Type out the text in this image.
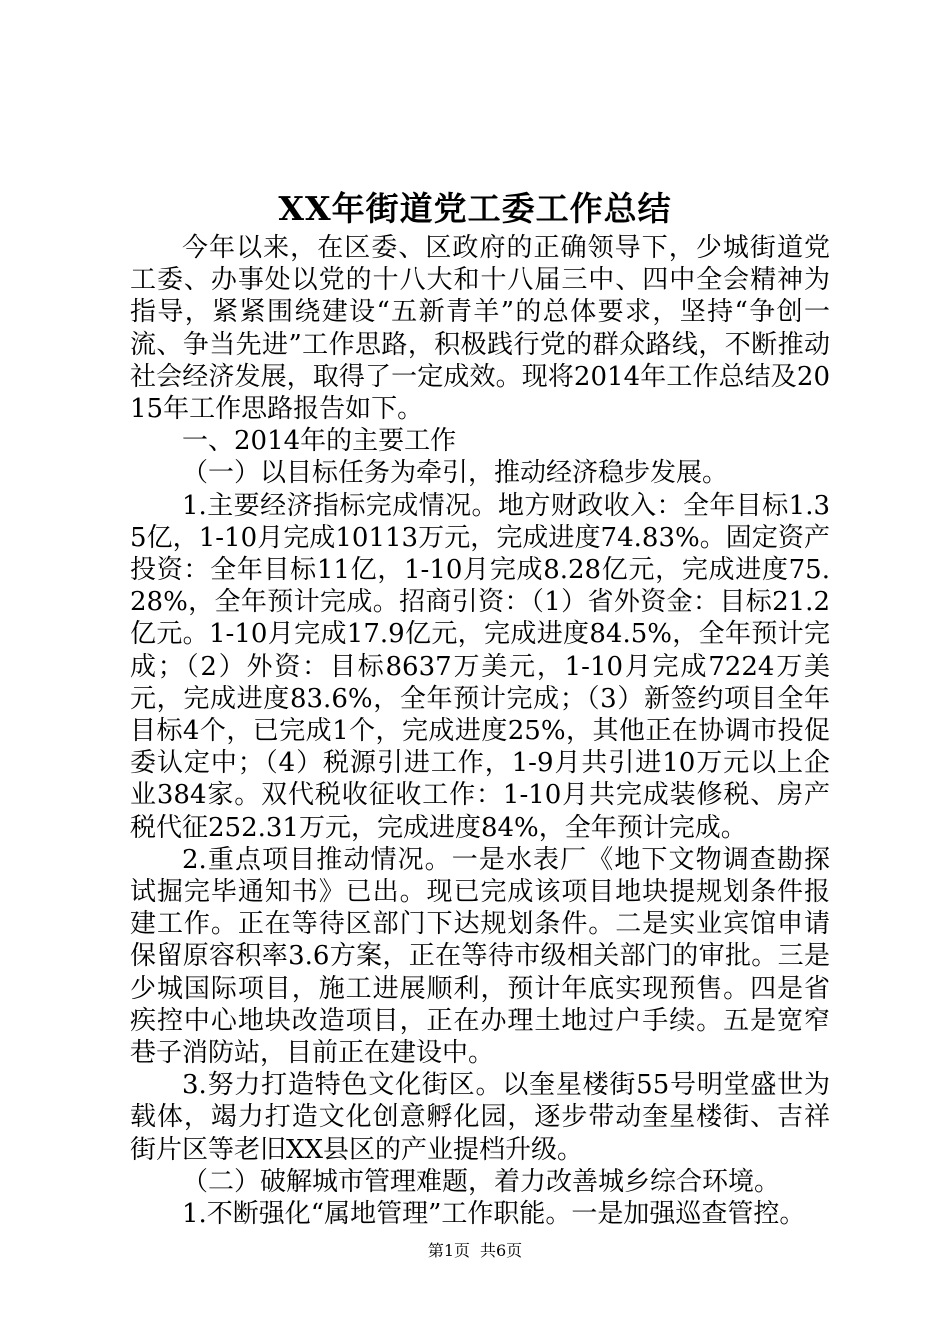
XX年街道党工委工作总结

今年以来，在区委、区政府的正确领导下，少城街道党工委、办事处以党的十八大和十八届三中、四中全会精神为指导，紧紧围绕建设“五新青羊”的总体要求，坚持“争创一流、争当先进”工作思路，积极践行党的群众路线，不断推动社会经济发展，取得了一定成效。现将2014年工作总结及2015年工作思路报告如下。

一、2014年的主要工作

（一）以目标任务为牵引，推动经济稳步发展。

1.主要经济指标完成情况。地方财政收入：全年目标1.35亿，1-10月完成10113万元，完成进度74.83%。固定资产投资：全年目标11亿，1-10月完成8.28亿元，完成进度75.28%，全年预计完成。招商引资：（1）省外资金：目标21.2亿元。1-10月完成17.9亿元，完成进度84.5%，全年预计完成；（2）外资：目标8637万美元，1-10月完成7224万美元，完成进度83.6%，全年预计完成；（3）新签约项目全年目标4个，已完成1个，完成进度25%，其他正在协调市投促委认定中；（4）税源引进工作，1-9月共引进10万元以上企业384家。双代税收征收工作：1-10月共完成装修税、房产税代征252.31万元，完成进度84%，全年预计完成。

2.重点项目推动情况。一是水表厂《地下文物调查勘探试掘完毕通知书》已出。现已完成该项目地块提规划条件报建工作。正在等待区部门下达规划条件。二是实业宾馆申请保留原容积率3.6方案，正在等待市级相关部门的审批。三是少城国际项目，施工进展顺利，预计年底实现预售。四是省疾控中心地块改造项目，正在办理土地过户手续。五是宽窄巷子消防站，目前正在建设中。

3.努力打造特色文化街区。以奎星楼街55号明堂盛世为载体，竭力打造文化创意孵化园，逐步带动奎星楼街、吉祥街片区等老旧XX县区的产业提档升级。

（二）破解城市管理难题，着力改善城乡综合环境。

1.不断强化“属地管理”工作职能。一是加强巡查管控。

第1页 共6页
